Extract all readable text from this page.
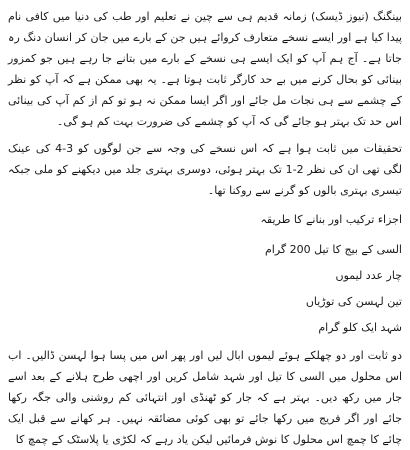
بینگنگ (نیوز ڈیسک) زمانہ قدیم ہی سے چین نے تعلیم اور طب کی دنیا میں کافی نام پیدا کیا ہے اور ایسے نسخے متعارف کروائے ہیں جن کے بارے میں جان کر انسان دنگ رہ جاتا ہے۔ آج ہم آپ کو ایک ایسے ہی نسخے کے بارے میں بتانے جا رہے ہیں جو کمزور بینائی کو بحال کرنے میں بے حد کارگر ثابت ہوتا ہے۔ یہ بھی ممکن ہے کہ آپ کو نظر کے چشمے سے ہی نجات مل جائے اور اگر ایسا ممکن نہ ہو تو کم از کم آپ کی بینائی اس حد تک بہتر ہو جائے گی کہ آپ کو چشمے کی ضرورت بہت کم ہو گی۔

تحقیقات میں ثابت ہوا ہے کہ اس نسخے کی وجہ سے جن لوگوں کو 3-4 کی عینک لگی تھی ان کی نظر 2-1 تک بہتر ہوئی، دوسری بہتری جلد میں دیکھنے کو ملی جبکہ تیسری بہتری بالوں کو گرنے سے روکنا تھا۔

اجزاء ترکیب اور بنانے کا طریقہ

السی کے بیج کا تیل 200 گرام

چار عدد لیموں

تین لہسن کی توڑیاں

شہد ایک کلو گرام

دو ثابت اور دو چھلکے ہوئے لیموں ابال لیں اور پھر اس میں پسا ہوا لہسن ڈالیں۔ اب اس محلول میں السی کا تیل اور شہد شامل کریں اور اچھی طرح ہلانے کے بعد اسے جار میں رکھ دیں۔ بہتر ہے کہ جار کو ٹھنڈی اور انتہائی کم روشنی والی جگہ رکھا جائے اور اگر فریج میں رکھا جائے تو بھی کوئی مضائقہ نہیں۔ ہر کھانے سے قبل ایک چائے کا چمچ اس محلول کا نوش فرمائیں لیکن یاد رہے کہ لکڑی یا پلاسٹک کے چمچ کا
